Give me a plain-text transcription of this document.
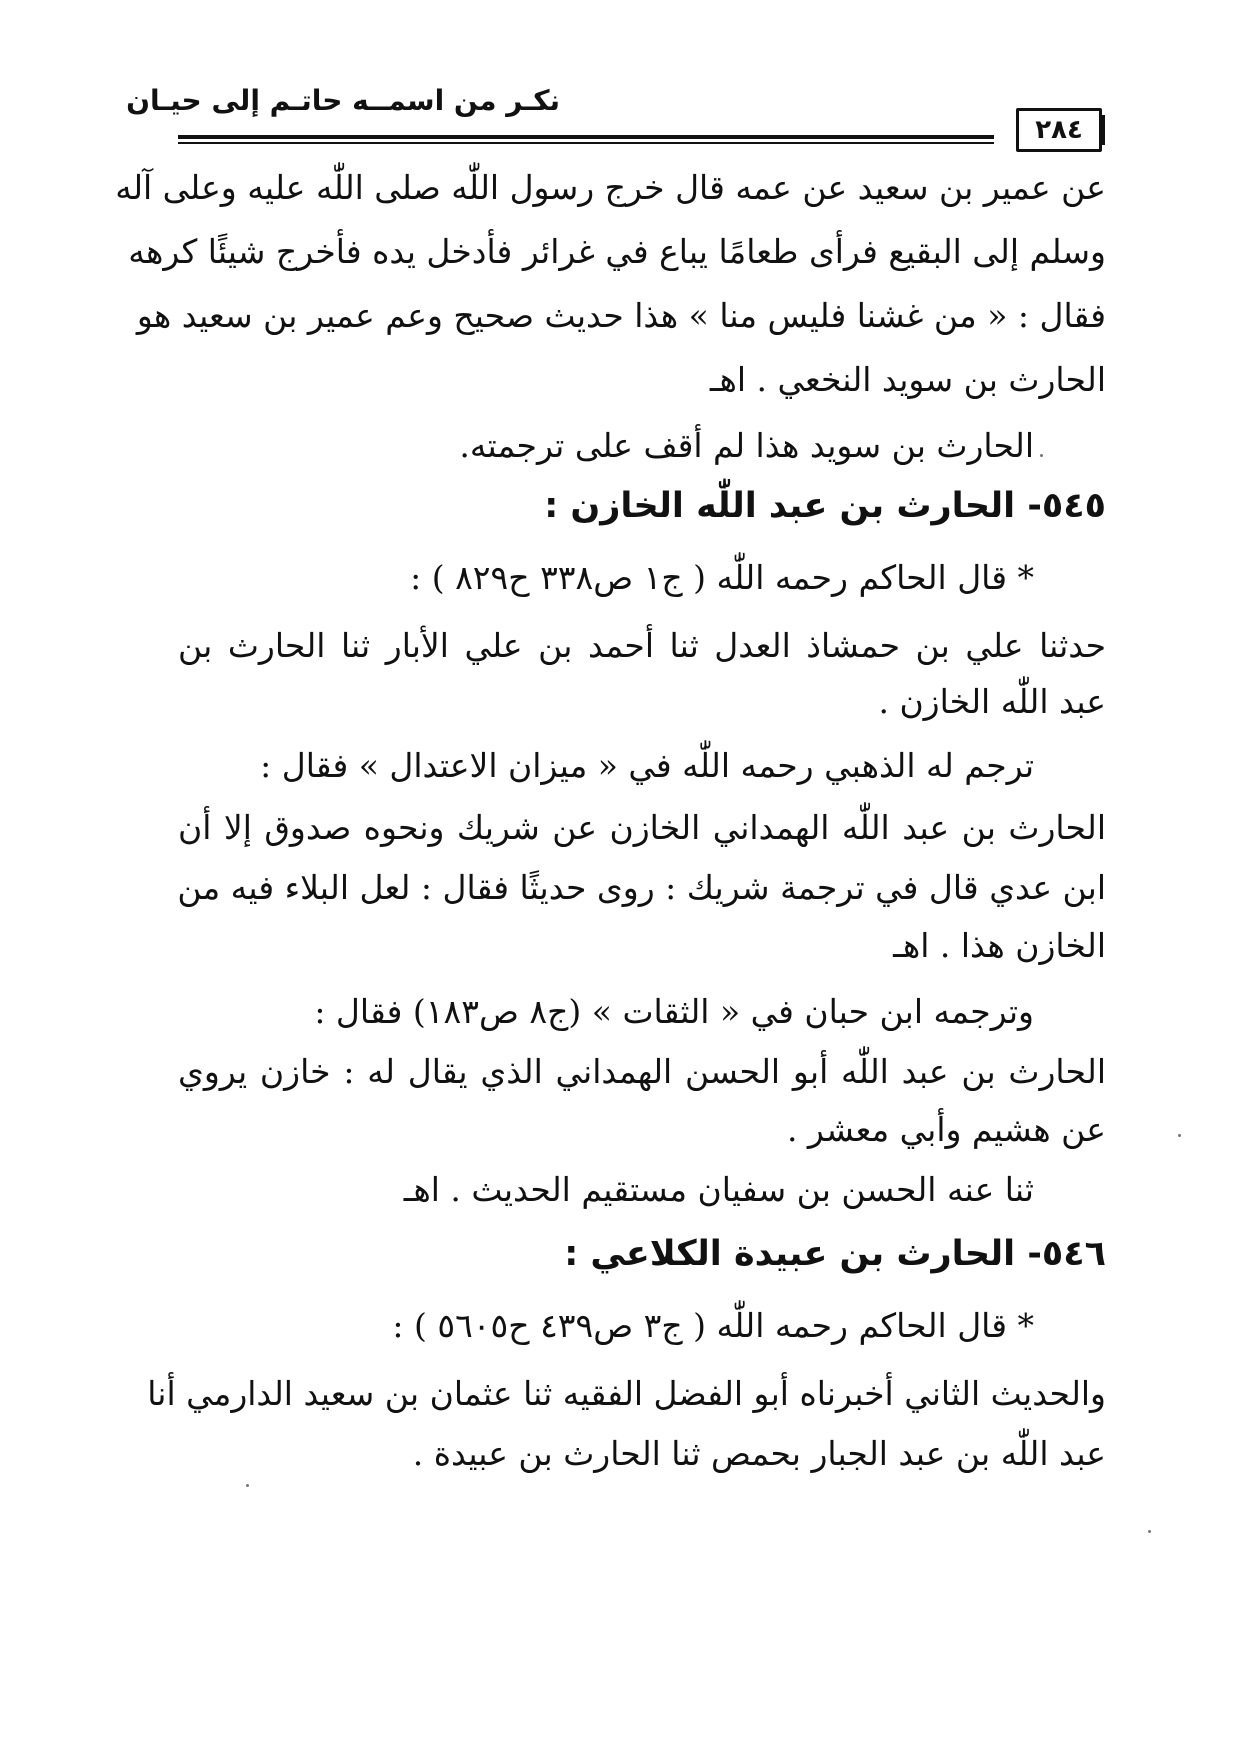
نكـر من اسمــه حاتـم إلى حيـان
٢٨٤
عن عمير بن سعيد عن عمه قال خرج رسول اللّٰه صلى اللّٰه عليه وعلى آله
وسلم إلى البقيع فرأى طعامًا يباع في غرائر فأدخل يده فأخرج شيئًا كرهه
فقال : « من غشنا فليس منا » هذا حديث صحيح وعم عمير بن سعيد هو
الحارث بن سويد النخعي . اهـ
الحارث بن سويد هذا لم أقف على ترجمته.
٥٤٥- الحارث بن عبد اللّٰه الخازن :
* قال الحاكم رحمه اللّٰه ( ج١ ص٣٣٨ ح٨٢٩ ) :
حدثنا علي بن حمشاذ العدل ثنا أحمد بن علي الأبار ثنا الحارث بن
عبد اللّٰه الخازن .
ترجم له الذهبي رحمه اللّٰه في « ميزان الاعتدال » فقال :
الحارث بن عبد اللّٰه الهمداني الخازن عن شريك ونحوه صدوق إلا أن
ابن عدي قال في ترجمة شريك : روى حديثًا فقال : لعل البلاء فيه من
الخازن هذا . اهـ
وترجمه ابن حبان في « الثقات » (ج٨ ص١٨٣) فقال :
الحارث بن عبد اللّٰه أبو الحسن الهمداني الذي يقال له : خازن يروي
عن هشيم وأبي معشر .
ثنا عنه الحسن بن سفيان مستقيم الحديث . اهـ
٥٤٦- الحارث بن عبيدة الكلاعي :
* قال الحاكم رحمه اللّٰه ( ج٣ ص٤٣٩ ح٥٦٠٥ ) :
والحديث الثاني أخبرناه أبو الفضل الفقيه ثنا عثمان بن سعيد الدارمي أنا
عبد اللّٰه بن عبد الجبار بحمص ثنا الحارث بن عبيدة .
